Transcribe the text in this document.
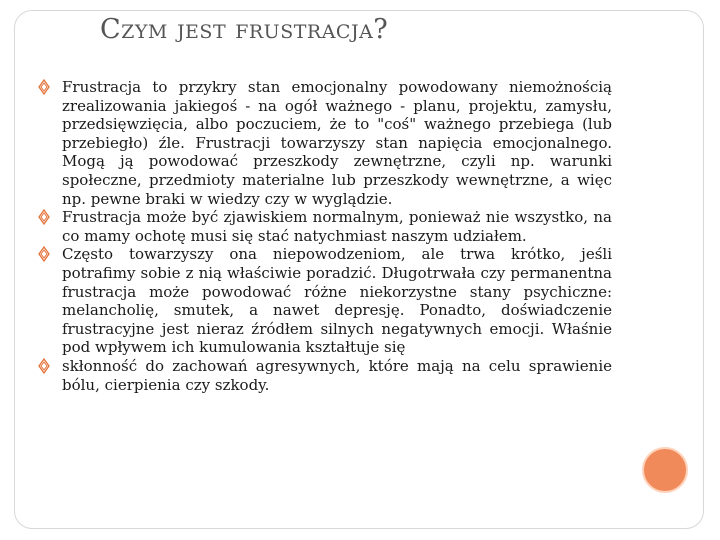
Czym jest frustracja?
Frustracja to przykry stan emocjonalny powodowany niemożnością zrealizowania jakiegoś - na ogół ważnego - planu, projektu, zamysłu, przedsięwzięcia, albo poczuciem, że to "coś" ważnego przebiega (lub przebiegło) źle. Frustracji towarzyszy stan napięcia emocjonalnego. Mogą ją powodować przeszkody zewnętrzne, czyli np. warunki społeczne, przedmioty materialne lub przeszkody wewnętrzne, a więc np. pewne braki w wiedzy czy w wyglądzie.
Frustracja może być zjawiskiem normalnym, ponieważ nie wszystko, na co mamy ochotę musi się stać natychmiast naszym udziałem.
Często towarzyszy ona niepowodzeniom, ale trwa krótko, jeśli potrafimy sobie z nią właściwie poradzić. Długotrwała czy permanentna frustracja może powodować różne niekorzystne stany psychiczne: melancholię, smutek, a nawet depresję. Ponadto, doświadczenie frustracyjne jest nieraz źródłem silnych negatywnych emocji. Właśnie pod wpływem ich kumulowania kształtuje się
skłonność do zachowań agresywnych, które mają na celu sprawienie bólu, cierpienia czy szkody.
